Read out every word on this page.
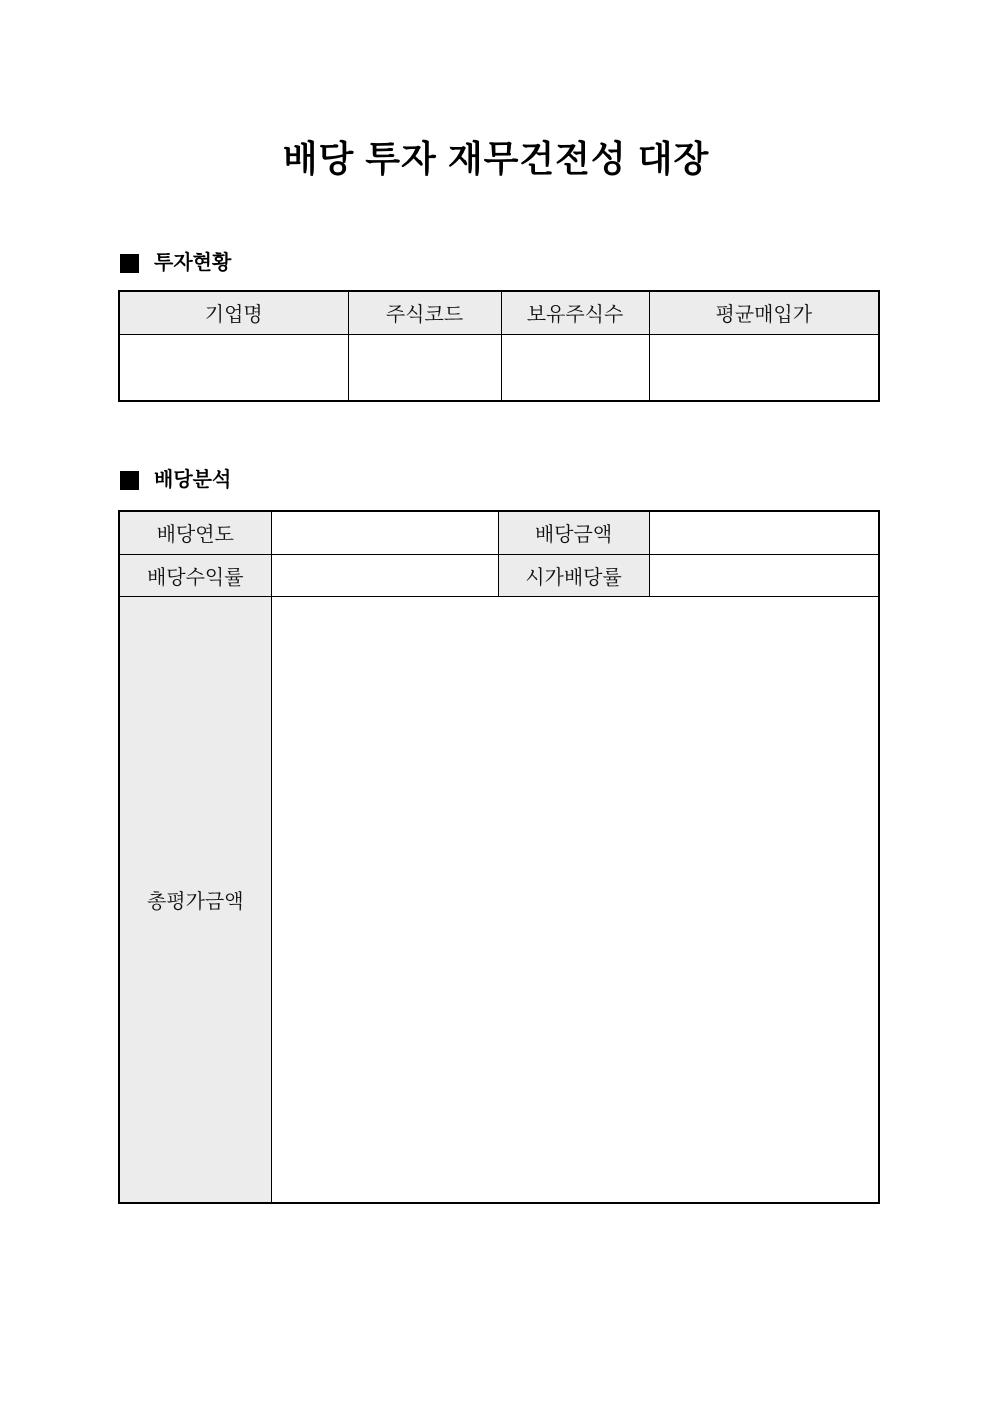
배당 투자 재무건전성 대장
투자현황
기업명	주식코드	보유주식수	평균매입가

배당분석
배당연도		배당금액	
배당수익률		시가배당률	
총평가금액			
